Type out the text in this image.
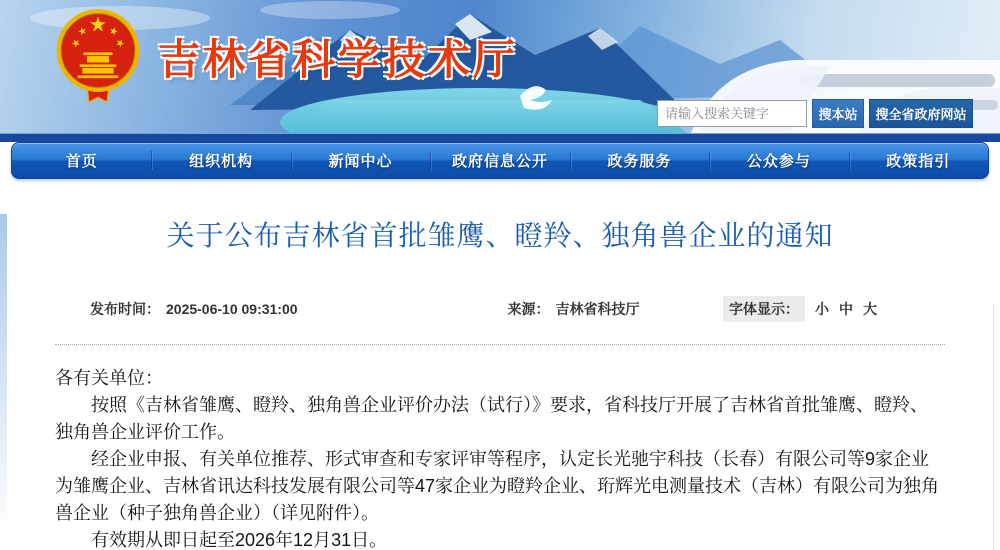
吉林省科学技术厅
请输入搜索关键字
搜本站	搜全省政府网站
首页	组织机构	新闻中心	政府信息公开	政务服务	公众参与	政策指引
关于公布吉林省首批雏鹰、瞪羚、独角兽企业的通知
发布时间： 2025-06-10 09:31:00	来源： 吉林省科技厅	字体显示：	小 中 大

各有关单位：

按照《吉林省雏鹰、瞪羚、独角兽企业评价办法（试行）》要求，省科技厅开展了吉林省首批雏鹰、瞪羚、独角兽企业评价工作。

经企业申报、有关单位推荐、形式审查和专家评审等程序，认定长光驰宇科技（长春）有限公司等9家企业为雏鹰企业、吉林省讯达科技发展有限公司等47家企业为瞪羚企业、珩辉光电测量技术（吉林）有限公司为独角兽企业（种子独角兽企业）（详见附件）。

有效期从即日起至2026年12月31日。
